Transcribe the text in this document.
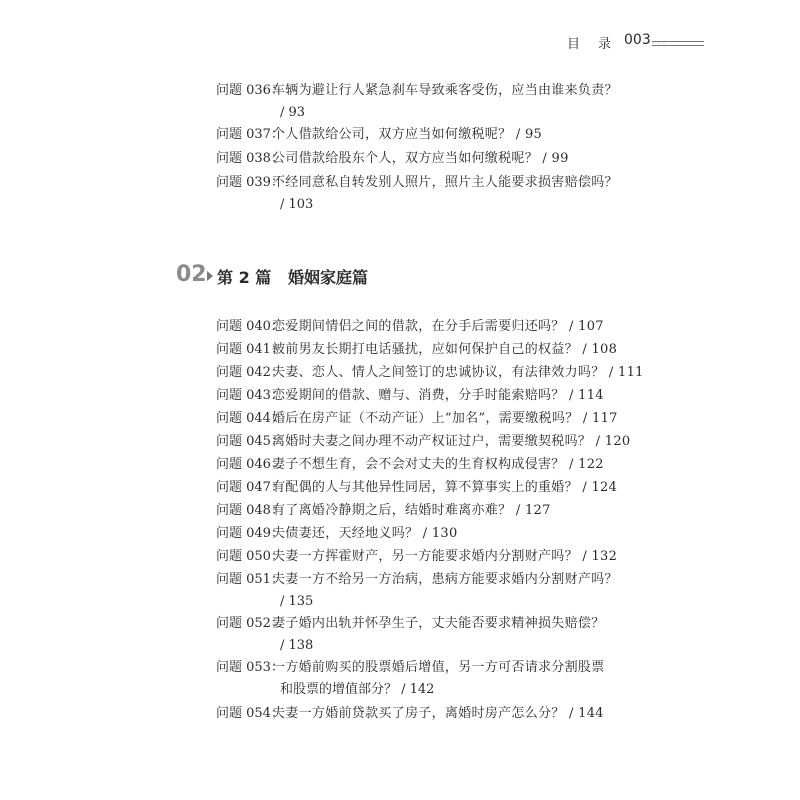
目录
003
◦◦◦◦
问题 036：车辆为避让行人紧急刹车导致乘客受伤，应当由谁来负责？
/ 93
问题 037：个人借款给公司，双方应当如何缴税呢？ / 95
问题 038：公司借款给股东个人，双方应当如何缴税呢？ / 99
问题 039：不经同意私自转发别人照片，照片主人能要求损害赔偿吗？
/ 103
02 第 2 篇 婚姻家庭篇
问题 040：恋爱期间情侣之间的借款，在分手后需要归还吗？ / 107
问题 041：被前男友长期打电话骚扰，应如何保护自己的权益？ / 108
问题 042：夫妻、恋人、情人之间签订的忠诚协议，有法律效力吗？ / 111
问题 043：恋爱期间的借款、赠与、消费，分手时能索赔吗？ / 114
问题 044：婚后在房产证（不动产证）上“加名”，需要缴税吗？ / 117
问题 045：离婚时夫妻之间办理不动产权证过户，需要缴契税吗？ / 120
问题 046：妻子不想生育，会不会对丈夫的生育权构成侵害？ / 122
问题 047：有配偶的人与其他异性同居，算不算事实上的重婚？ / 124
问题 048：有了离婚冷静期之后，结婚时难离亦难？ / 127
问题 049：夫债妻还，天经地义吗？ / 130
问题 050：夫妻一方挥霍财产，另一方能要求婚内分割财产吗？ / 132
问题 051：夫妻一方不给另一方治病，患病方能要求婚内分割财产吗？
/ 135
问题 052：妻子婚内出轨并怀孕生子，丈夫能否要求精神损失赔偿？
/ 138
问题 053：一方婚前购买的股票婚后增值，另一方可否请求分割股票
和股票的增值部分？ / 142
问题 054：夫妻一方婚前贷款买了房子，离婚时房产怎么分？ / 144
